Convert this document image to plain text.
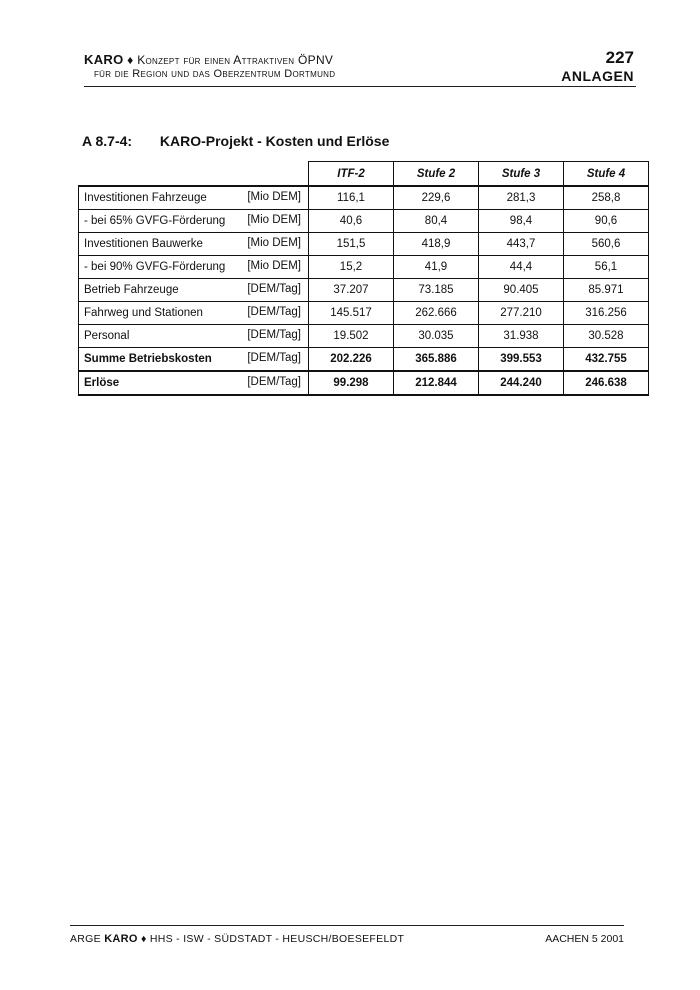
KARO ♦ Konzept für einen Attraktiven ÖPNV
für die Region und das Oberzentrum Dortmund
227
ANLAGEN
A 8.7-4: KARO-Projekt - Kosten und Erlöse
	ITF-2	Stufe 2	Stufe 3	Stufe 4
Investitionen Fahrzeuge [Mio DEM]	116,1	229,6	281,3	258,8
- bei 65% GVFG-Förderung [Mio DEM]	40,6	80,4	98,4	90,6
Investitionen Bauwerke [Mio DEM]	151,5	418,9	443,7	560,6
- bei 90% GVFG-Förderung [Mio DEM]	15,2	41,9	44,4	56,1
Betrieb Fahrzeuge [DEM/Tag]	37.207	73.185	90.405	85.971
Fahrweg und Stationen [DEM/Tag]	145.517	262.666	277.210	316.256
Personal [DEM/Tag]	19.502	30.035	31.938	30.528
Summe Betriebskosten [DEM/Tag]	202.226	365.886	399.553	432.755
Erlöse [DEM/Tag]	99.298	212.844	244.240	246.638
ARGE KARO ♦ HHS - ISW - SÜDSTADT - HEUSCH/BOESEFELDT	AACHEN 5 2001
